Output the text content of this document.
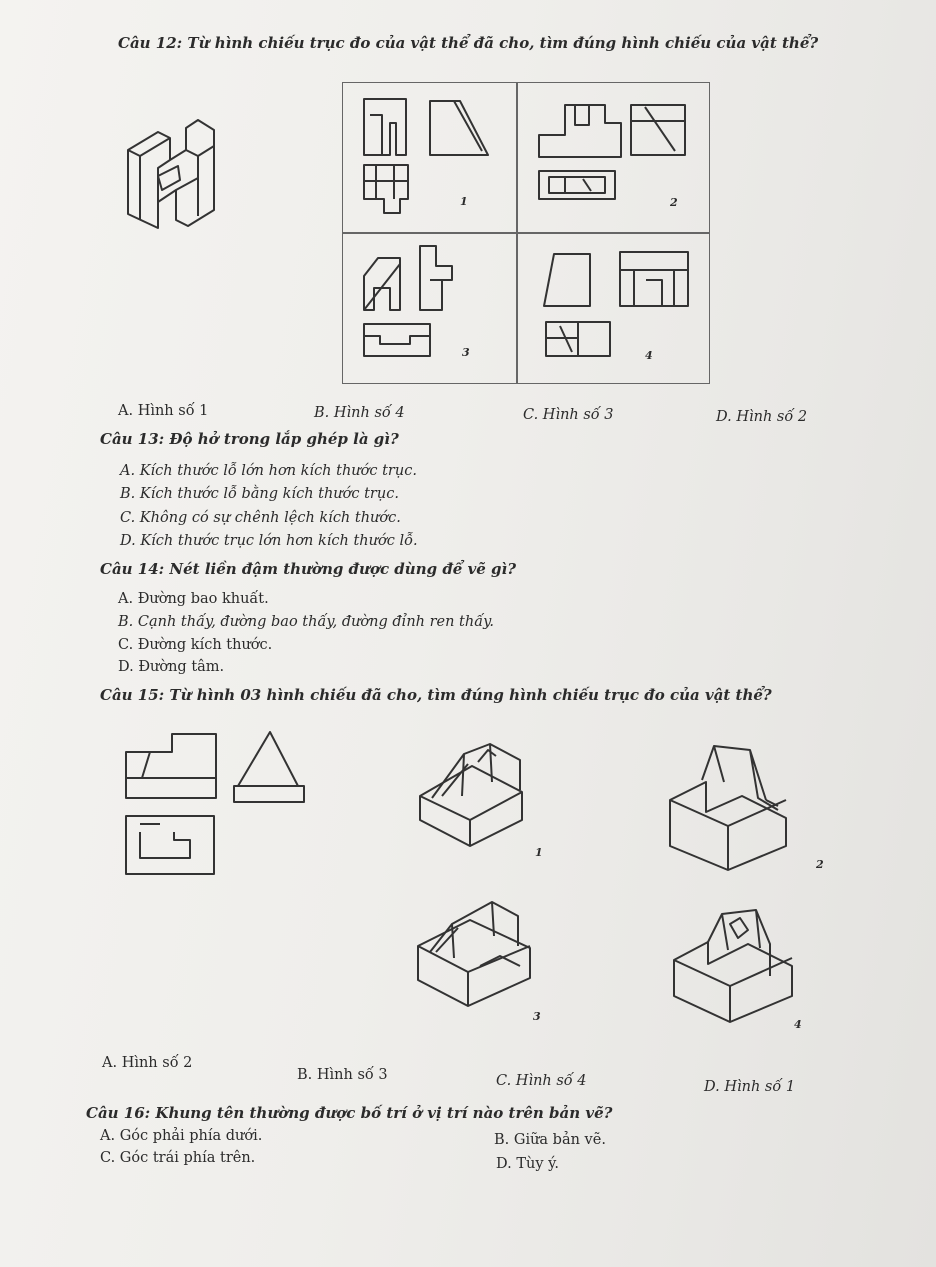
Câu 12: Từ hình chiếu trục đo của vật thể đã cho, tìm đúng hình chiếu của vật thể?
1	2
3	4
A. Hình số 1	B. Hình số 4	C. Hình số 3	D. Hình số 2
Câu 13: Độ hở trong lắp ghép là gì?
A. Kích thước lỗ lớn hơn kích thước trục.
B. Kích thước lỗ bằng kích thước trục.
C. Không có sự chênh lệch kích thước.
D. Kích thước trục lớn hơn kích thước lỗ.
Câu 14: Nét liền đậm thường được dùng để vẽ gì?
A. Đường bao khuất.
B. Cạnh thấy, đường bao thấy, đường đỉnh ren thấy.
C. Đường kích thước.
D. Đường tâm.
Câu 15: Từ hình 03 hình chiếu đã cho, tìm đúng hình chiếu trục đo của vật thể?
1
2
3
4
A. Hình số 2
B. Hình số 3	C. Hình số 4	D. Hình số 1
Câu 16: Khung tên thường được bố trí ở vị trí nào trên bản vẽ?
A. Góc phải phía dưới.	B. Giữa bản vẽ.
C. Góc trái phía trên.	D. Tùy ý.
